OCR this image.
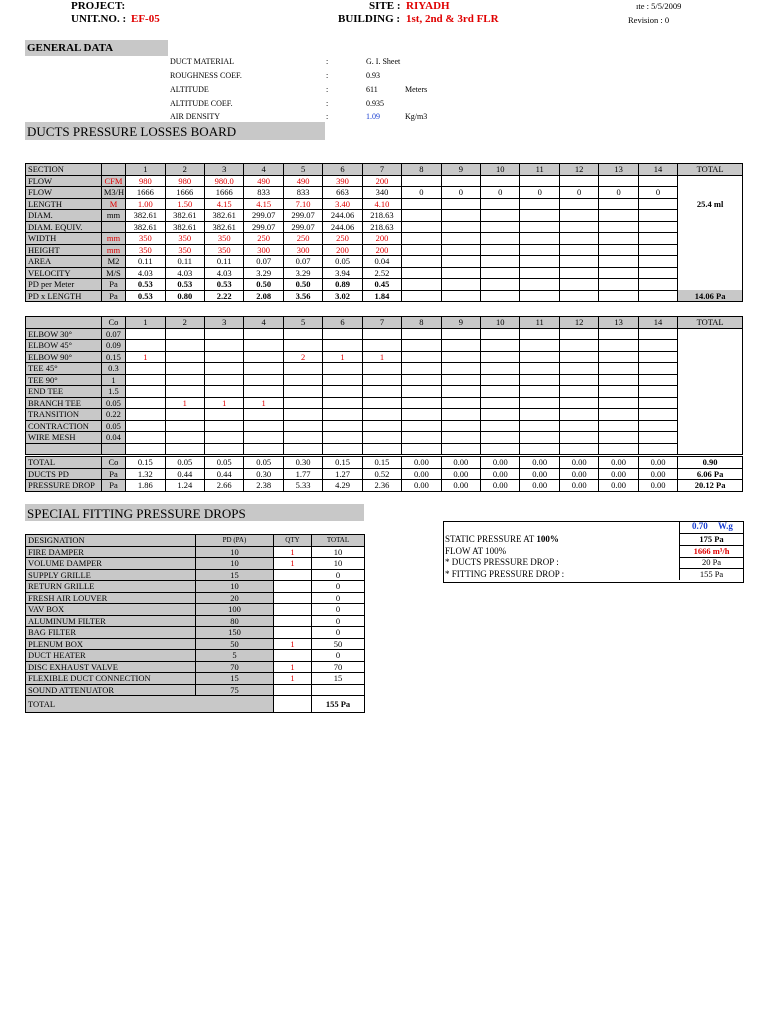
PROJECT:
UNIT.NO. : EF-05
SITE : RIYADH
BUILDING : 1st, 2nd & 3rd FLR
ıte : 5/5/2009
Revision : 0
GENERAL DATA
DUCT MATERIAL	:	G. I. Sheet
ROUGHNESS COEF.	:	0.93
ALTITUDE	:	611	Meters
ALTITUDE COEF.	:	0.935
AIR DENSITY	:	1.09	Kg/m3
DUCTS PRESSURE LOSSES BOARD
SECTION		1	2	3	4	5	6	7	8	9	10	11	12	13	14	TOTAL
FLOW	CFM	980	980	980.0	490	490	390	200								
FLOW	M3/H	1666	1666	1666	833	833	663	340	0	0	0	0	0	0	0	
LENGTH	M	1.00	1.50	4.15	4.15	7.10	3.40	4.10								25.4 ml
DIAM.	mm	382.61	382.61	382.61	299.07	299.07	244.06	218.63								
DIAM. EQUIV.		382.61	382.61	382.61	299.07	299.07	244.06	218.63								
WIDTH	mm	350	350	350	250	250	250	200								
HEIGHT	mm	350	350	350	300	300	200	200								
AREA	M2	0.11	0.11	0.11	0.07	0.07	0.05	0.04								
VELOCITY	M/S	4.03	4.03	4.03	3.29	3.29	3.94	2.52								
PD per Meter	Pa	0.53	0.53	0.53	0.50	0.50	0.89	0.45								
PD x LENGTH	Pa	0.53	0.80	2.22	2.08	3.56	3.02	1.84								14.06 Pa
	Co	1	2	3	4	5	6	7	8	9	10	11	12	13	14	TOTAL
ELBOW 30°	0.07															
ELBOW 45°	0.09															
ELBOW 90°	0.15	1				2	1	1								
TEE 45°	0.3															
TEE 90°	1															
END TEE	1.5															
BRANCH TEE	0.05		1	1	1											
TRANSITION	0.22															
CONTRACTION	0.05															
WIRE MESH	0.04															

TOTAL	Co	0.15	0.05	0.05	0.05	0.30	0.15	0.15	0.00	0.00	0.00	0.00	0.00	0.00	0.00	0.90
DUCTS PD	Pa	1.32	0.44	0.44	0.30	1.77	1.27	0.52	0.00	0.00	0.00	0.00	0.00	0.00	0.00	6.06 Pa
PRESSURE DROP	Pa	1.86	1.24	2.66	2.38	5.33	4.29	2.36	0.00	0.00	0.00	0.00	0.00	0.00	0.00	20.12 Pa
SPECIAL FITTING PRESSURE DROPS
DESIGNATION	PD (PA)	QTY	TOTAL
FIRE DAMPER	10	1	10
VOLUME DAMPER	10	1	10
SUPPLY GRILLE	15		0
RETURN GRILLE	10		0
FRESH AIR LOUVER	20		0
VAV BOX	100		0
ALUMINUM FILTER	80		0
BAG FILTER	150		0
PLENUM BOX	50	1	50
DUCT HEATER	5		0
DISC EXHAUST VALVE	70	1	70
FLEXIBLE DUCT CONNECTION	15	1	15
SOUND ATTENUATOR	75		
TOTAL			155 Pa
0.70 W.g
STATIC PRESSURE AT 100%	175 Pa
FLOW AT 100%	1666 m³/h
* DUCTS PRESSURE DROP :	20 Pa
* FITTING PRESSURE DROP :	155 Pa
